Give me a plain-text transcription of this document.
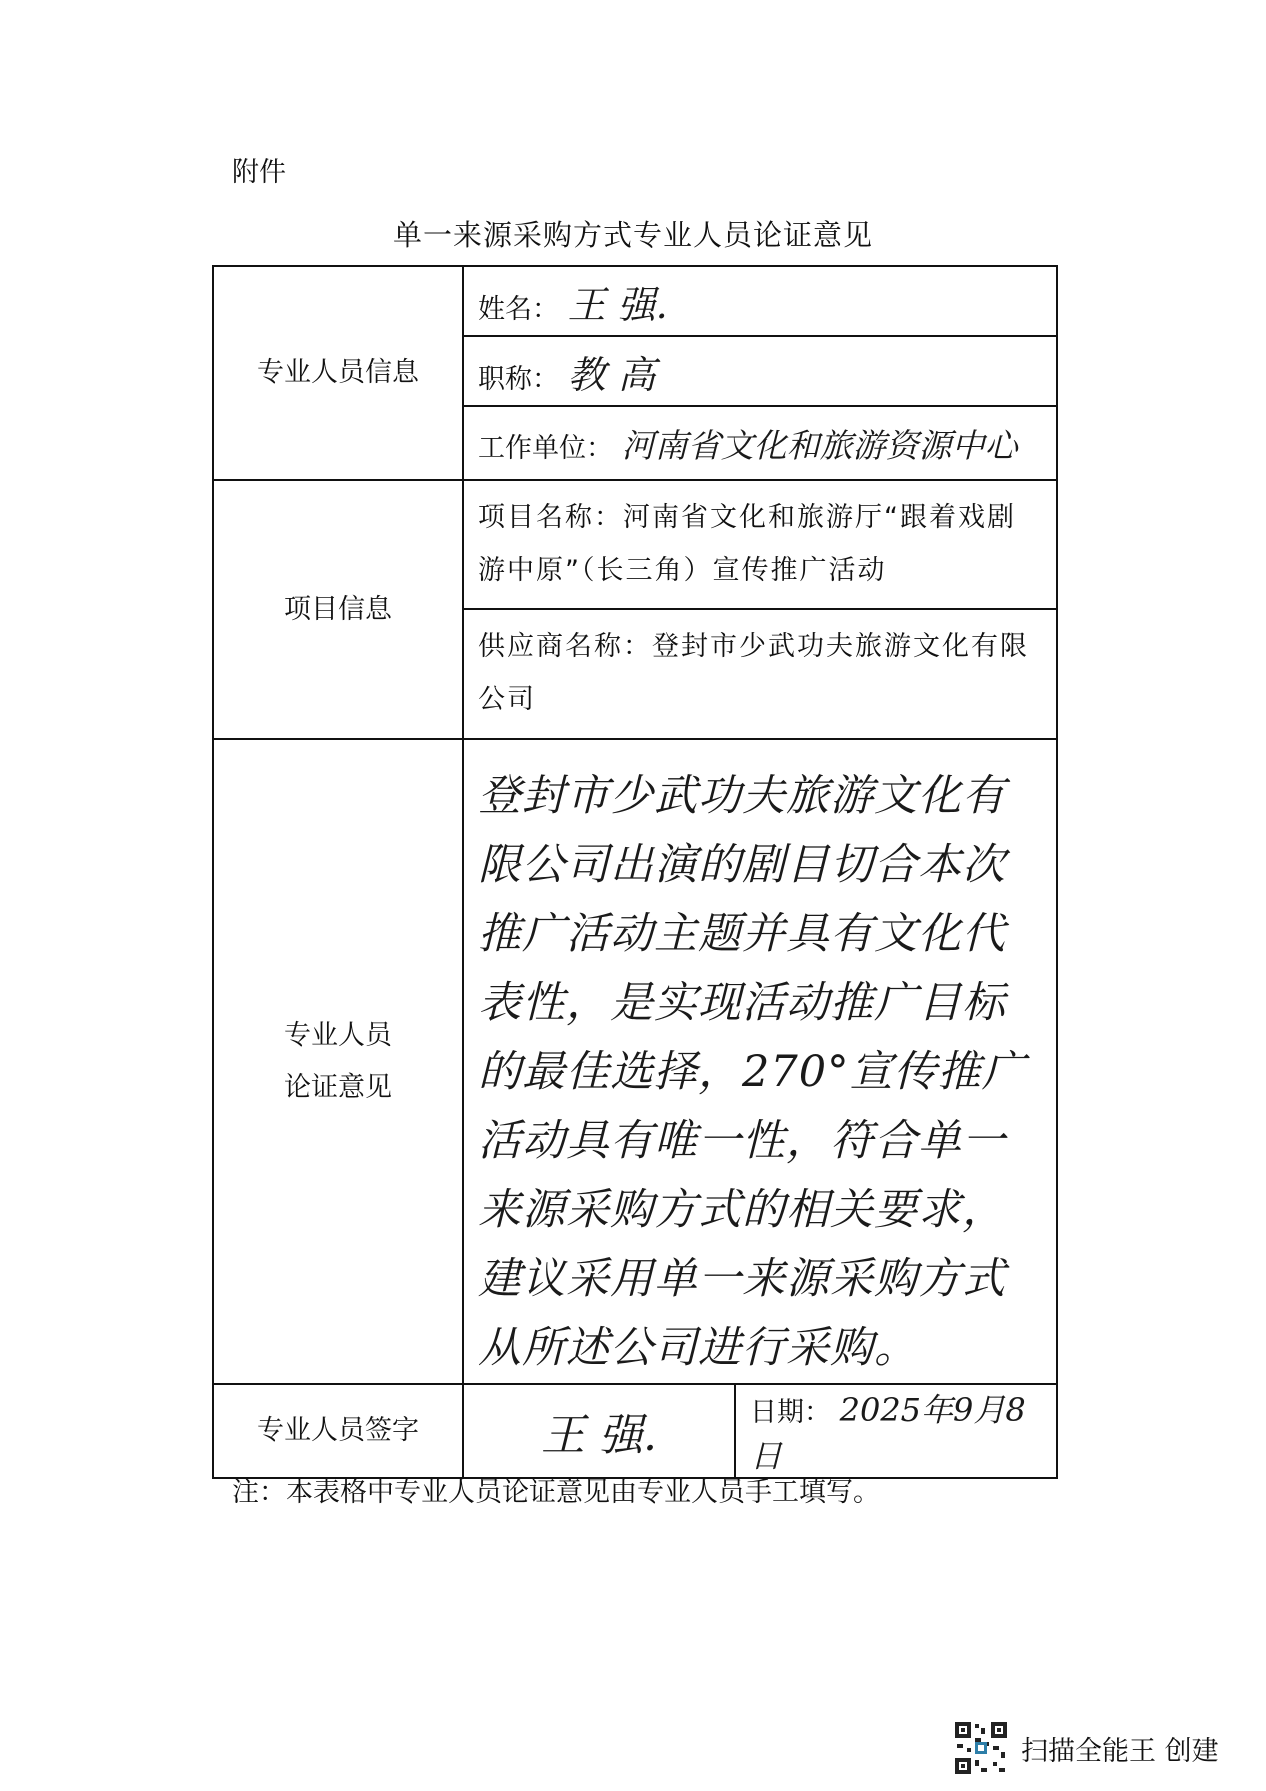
附件
单一来源采购方式专业人员论证意见
专业人员信息	姓名： 王 强.	
	职称： 教 高	
	工作单位： 河南省文化和旅游资源中心	
项目信息	项目名称：河南省文化和旅游厅“跟着戏剧游中原”（长三角）宣传推广活动	
	供应商名称：登封市少武功夫旅游文化有限公司	

专业人员
论证意见	登封市少武功夫旅游文化有限公司出演的剧目切合本次推广活动主题并具有文化代表性，是实现活动推广目标的最佳选择，270°宣传推广活动具有唯一性，符合单一来源采购方式的相关要求，建议采用单一来源采购方式从所述公司进行采购。	
专业人员签字	王 强.	日期： 2025年9月8日
注：本表格中专业人员论证意见由专业人员手工填写。
扫描全能王 创建
